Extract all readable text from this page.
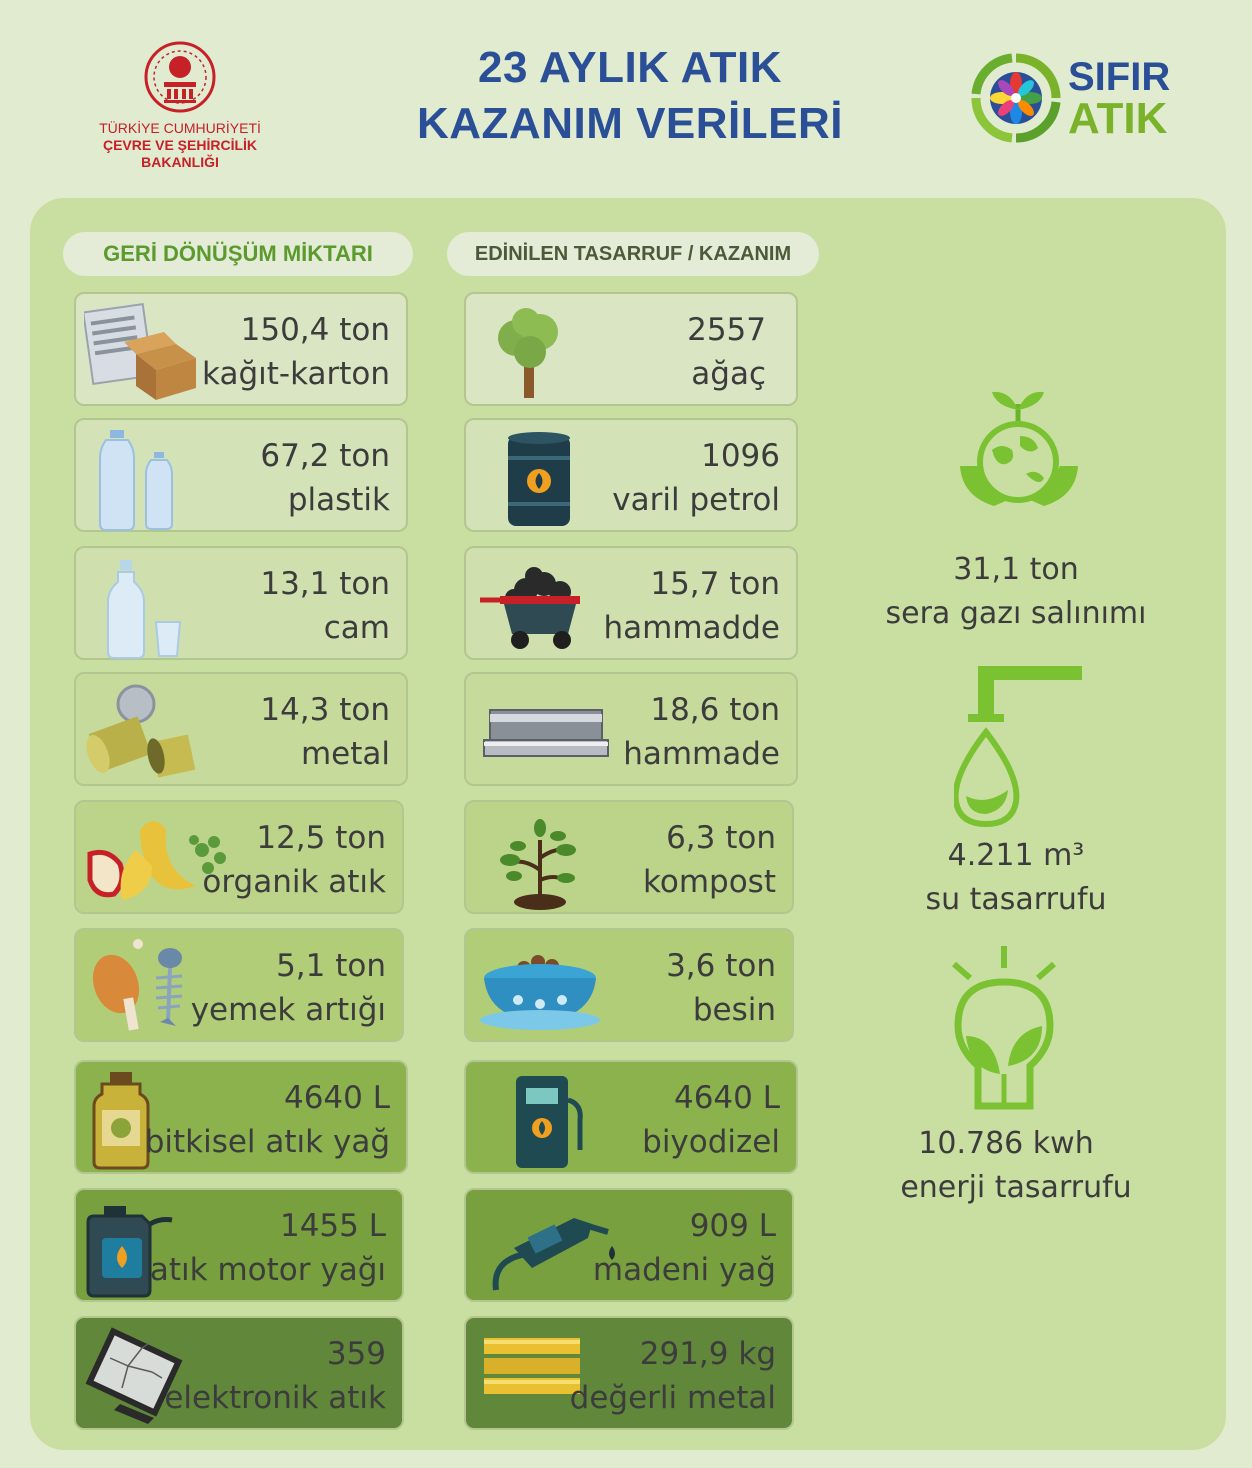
TÜRKİYE CUMHURİYETİ
ÇEVRE VE ŞEHİRCİLİK
BAKANLIĞI
23 AYLIK ATIK
KAZANIM VERİLERİ
SIFIR
ATIK
GERİ DÖNÜŞÜM MİKTARI	EDİNİLEN TASARRUF / KAZANIM
150,4 ton
kağıt-karton
67,2 ton
plastik
13,1 ton
cam
14,3 ton
metal
12,5 ton
organik atık
5,1 ton
yemek artığı
4640 L
bitkisel atık yağ
1455 L
atık motor yağı
359
elektronik atık
2557
ağaç
1096
varil petrol
15,7 ton
hammadde
18,6 ton
hammade
6,3 ton
kompost
3,6 ton
besin
4640 L
biyodizel
909 L
madeni yağ
291,9 kg
değerli metal
31,1 ton
sera gazı salınımı
4.211 m³
su tasarrufu
10.786 kwh
enerji tasarrufu
